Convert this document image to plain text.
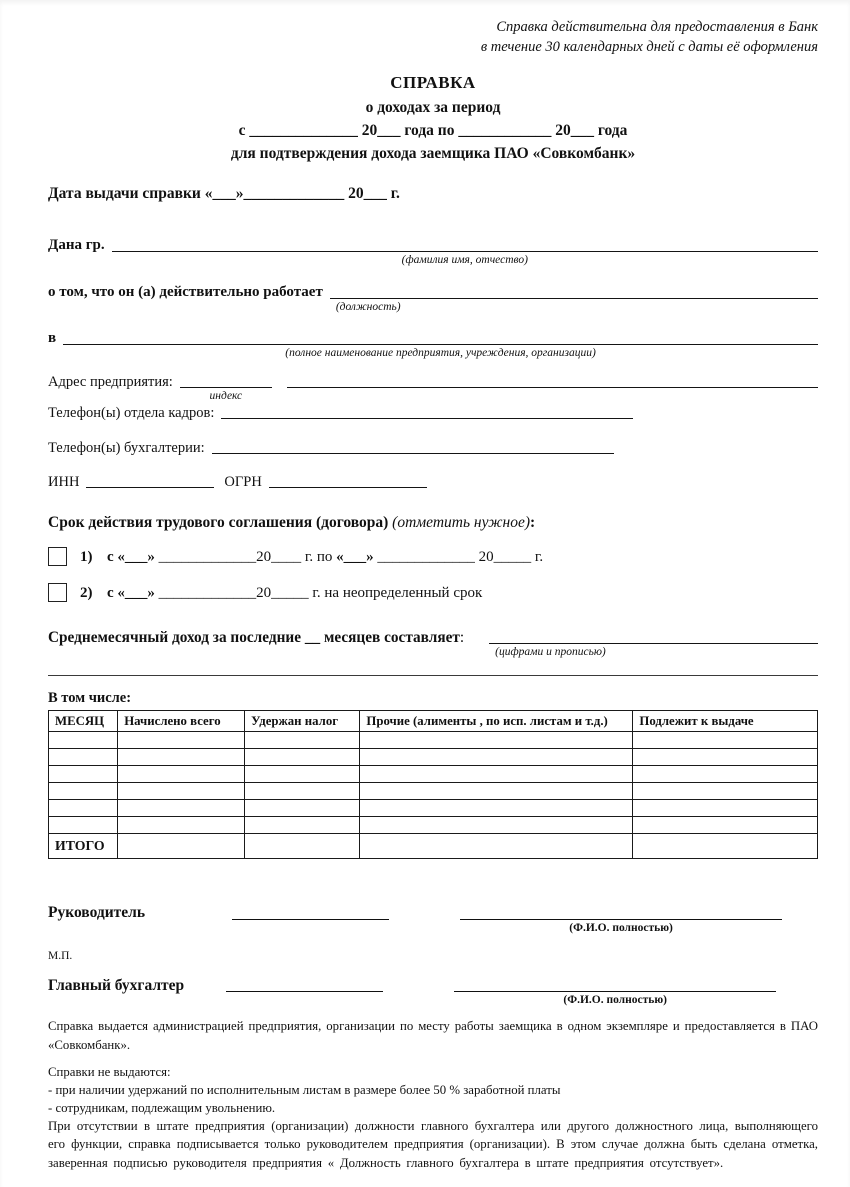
Справка действительна для предоставления в Банк
в течение 30 календарных дней с даты её оформления
СПРАВКА
о доходах за период
с ______________ 20___ года по ____________ 20___ года
для подтверждения дохода заемщика ПАО «Совкомбанк»
Дата выдачи справки «___»_____________ 20___ г.
Дана гр.
(фамилия имя, отчество)
о том, что он (а) действительно работает
(должность)
в
(полное наименование предприятия, учреждения, организации)
Адрес предприятия:
индекс
Телефон(ы) отдела кадров:
Телефон(ы) бухгалтерии:
ИНН	ОГРН
Срок действия трудового соглашения (договора) (отметить нужное):
1) с «___» _____________20____ г. по «___» _____________ 20_____ г.
2) с «___» _____________20_____ г. на неопределенный срок
Среднемесячный доход за последние __ месяцев составляет:
(цифрами и прописью)
В том числе:
МЕСЯЦ	Начислено всего	Удержан налог	Прочие (алименты , по исп. листам и т.д.)	Подлежит к выдаче

ИТОГО				
Руководитель
(Ф.И.О. полностью)
М.П.
Главный бухгалтер
(Ф.И.О. полностью)
Справка выдается администрацией предприятия, организации по месту работы заемщика в одном экземпляре и предоставляется в ПАО «Совкомбанк».
Справки не выдаются:
- при наличии удержаний по исполнительным листам в размере более 50 % заработной платы
- сотрудникам, подлежащим увольнению.
При отсутствии в штате предприятия (организации) должности главного бухгалтера или другого должностного лица, выполняющего его функции, справка подписывается только руководителем предприятия (организации). В этом случае должна быть сделана отметка, заверенная подписью руководителя предприятия « Должность главного бухгалтера в штате предприятия отсутствует».
